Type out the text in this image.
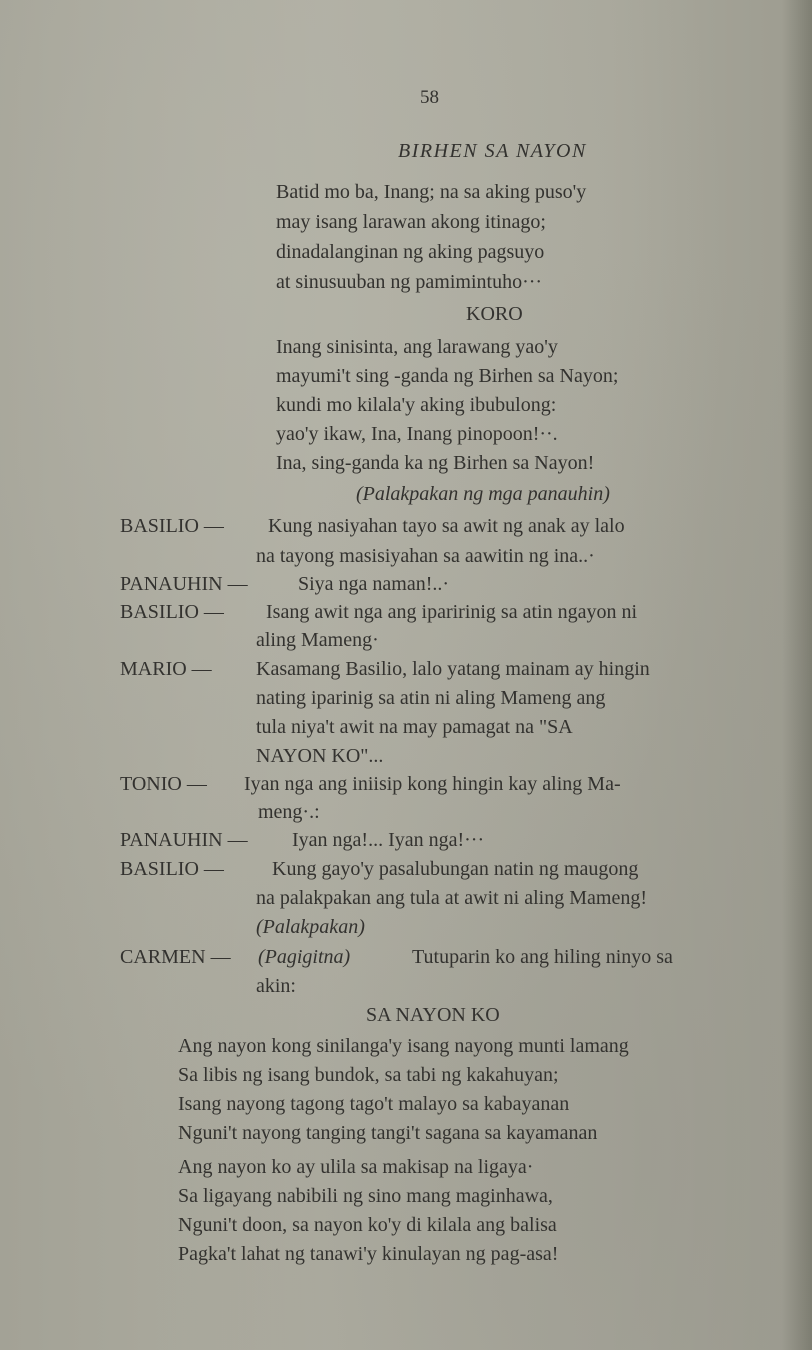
58
BIRHEN SA NAYON
Batid mo ba, Inang; na sa aking puso'y
may isang larawan akong itinago;
dinadalanginan ng aking pagsuyo
at sinusuuban ng pamimintuho···
KORO
Inang sinisinta, ang larawang yao'y
mayumi't sing -ganda ng Birhen sa Nayon;
kundi mo kilala'y aking ibubulong:
yao'y ikaw, Ina, Inang pinopoon!··.
Ina, sing-ganda ka ng Birhen sa Nayon!
(Palakpakan ng mga panauhin)
BASILIO — Kung nasiyahan tayo sa awit ng anak ay lalo
na tayong masisiyahan sa aawitin ng ina..·
PANAUHIN —	Siya nga naman!..·
BASILIO — Isang awit nga ang iparirinig sa atin ngayon ni
aling Mameng·
MARIO — Kasamang Basilio, lalo yatang mainam ay hingin
nating iparinig sa atin ni aling Mameng ang
tula niya't awit na may pamagat na "SA
NAYON KO"...
TONIO — Iyan nga ang iniisip kong hingin kay aling Ma-
meng·.:
PANAUHIN — Iyan nga!... Iyan nga!···
BASILIO — Kung gayo'y pasalubungan natin ng maugong
na palakpakan ang tula at awit ni aling Mameng!
(Palakpakan)
CARMEN — (Pagigitna)	Tutuparin ko ang hiling ninyo sa
akin:
SA NAYON KO
Ang nayon kong sinilanga'y isang nayong munti lamang
Sa libis ng isang bundok, sa tabi ng kakahuyan;
Isang nayong tagong tago't malayo sa kabayanan
Nguni't nayong tanging tangi't sagana sa kayamanan
Ang nayon ko ay ulila sa makisap na ligaya·
Sa ligayang nabibili ng sino mang maginhawa,
Nguni't doon, sa nayon ko'y di kilala ang balisa
Pagka't lahat ng tanawi'y kinulayan ng pag-asa!
